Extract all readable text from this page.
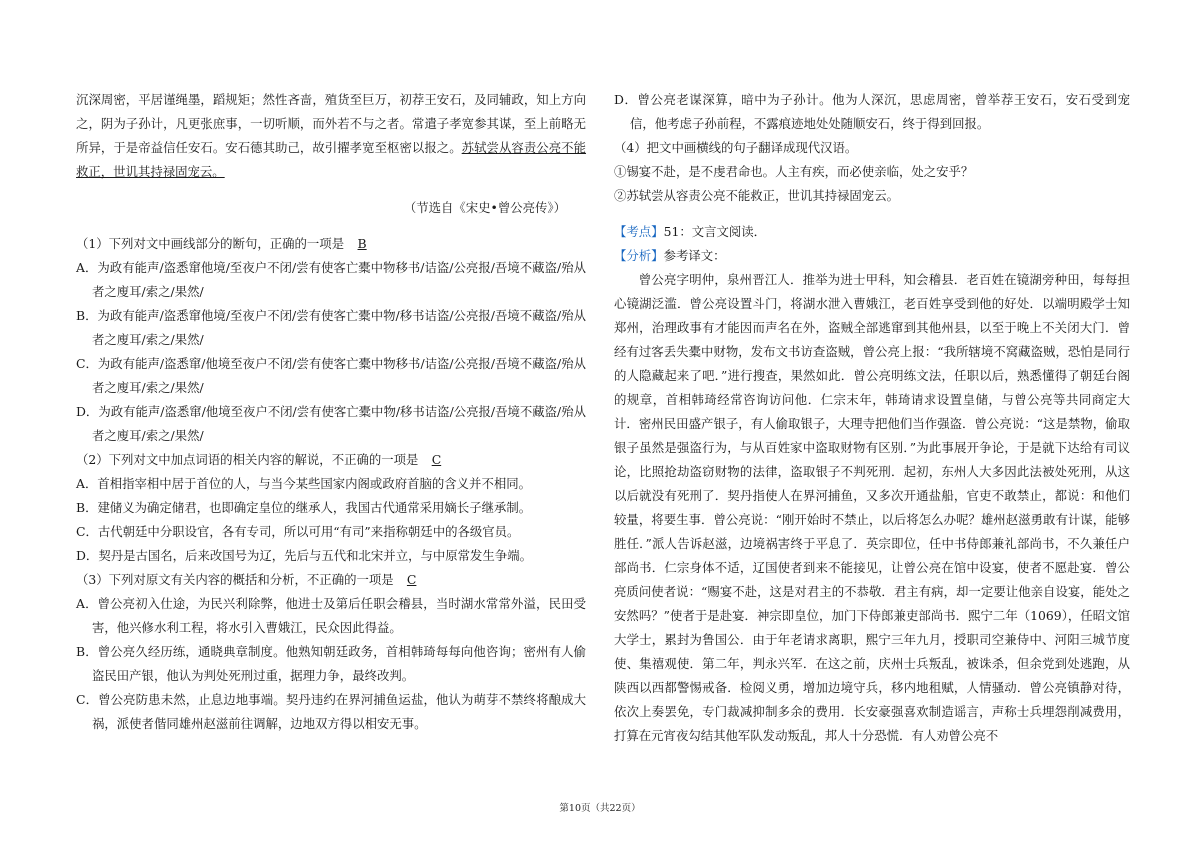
沉深周密，平居谨绳墨，蹈规矩；然性吝啬，殖货至巨万，初荐王安石，及同辅政，知上方向之，阴为子孙计，凡更张庶事，一切听顺，而外若不与之者。常遣子孝宽参其谋，至上前略无所异，于是帝益信任安石。安石德其助己，故引擢孝宽至枢密以报之。苏轼尝从容责公亮不能救正，世讥其持禄固宠云。

（节选自《宋史•曾公亮传》）

（1）下列对文中画线部分的断句，正确的一项是 B

A．为政有能声/盗悉窜他境/至夜户不闭/尝有使客亡橐中物移书/诘盗/公亮报/吾境不藏盗/殆从者之廋耳/索之/果然/

B．为政有能声/盗悉窜他境/至夜户不闭/尝有使客亡橐中物/移书诘盗/公亮报/吾境不藏盗/殆从者之廋耳/索之/果然/

C．为政有能声/盗悉窜/他境至夜户不闭/尝有使客亡橐中物移书/诘盗/公亮报/吾境不藏盗/殆从者之廋耳/索之/果然/

D．为政有能声/盗悉窜/他境至夜户不闭/尝有使客亡橐中物/移书诘盗/公亮报/吾境不藏盗/殆从者之廋耳/索之/果然/

（2）下列对文中加点词语的相关内容的解说，不正确的一项是 C

A．首相指宰相中居于首位的人，与当今某些国家内阁或政府首脑的含义并不相同。

B．建储义为确定储君，也即确定皇位的继承人，我国古代通常采用嫡长子继承制。

C．古代朝廷中分职设官，各有专司，所以可用“有司”来指称朝廷中的各级官员。

D．契丹是古国名，后来改国号为辽，先后与五代和北宋并立，与中原常发生争端。

（3）下列对原文有关内容的概括和分析，不正确的一项是 C

A．曾公亮初入仕途，为民兴利除弊，他进士及第后任职会稽县，当时湖水常常外溢，民田受害，他兴修水利工程，将水引入曹娥江，民众因此得益。

B．曾公亮久经历练，通晓典章制度。他熟知朝廷政务，首相韩琦每每向他咨询；密州有人偷盗民田产银，他认为判处死刑过重，据理力争，最终改判。

C．曾公亮防患未然，止息边地事端。契丹违约在界河捕鱼运盐，他认为萌芽不禁终将酿成大祸，派使者偕同雄州赵滋前往调解，边地双方得以相安无事。

D．曾公亮老谋深算，暗中为子孙计。他为人深沉，思虑周密，曾举荐王安石，安石受到宠信，他考虑子孙前程，不露痕迹地处处随顺安石，终于得到回报。

（4）把文中画横线的句子翻译成现代汉语。

①锡宴不赴，是不虔君命也。人主有疾，而必使亲临，处之安乎？

②苏轼尝从容责公亮不能救正，世讥其持禄固宠云。

【考点】51：文言文阅读．

【分析】参考译文：

曾公亮字明仲，泉州晋江人．推举为进士甲科，知会稽县．老百姓在镜湖旁种田，每每担心镜湖泛滥．曾公亮设置斗门，将湖水泄入曹娥江，老百姓享受到他的好处．以端明殿学士知郑州，治理政事有才能因而声名在外，盗贼全部逃窜到其他州县，以至于晚上不关闭大门．曾经有过客丢失橐中财物，发布文书访查盗贼，曾公亮上报：“我所辖境不窝藏盗贼，恐怕是同行的人隐藏起来了吧．”进行搜查，果然如此．曾公亮明练文法，任职以后，熟悉懂得了朝廷台阁的规章，首相韩琦经常咨询访问他．仁宗末年，韩琦请求设置皇储，与曾公亮等共同商定大计．密州民田盛产银子，有人偷取银子，大理寺把他们当作强盗．曾公亮说：“这是禁物，偷取银子虽然是强盗行为，与从百姓家中盗取财物有区别．”为此事展开争论，于是就下达给有司议论，比照抢劫盗窃财物的法律，盗取银子不判死刑．起初，东州人大多因此法被处死刑，从这以后就没有死刑了．契丹指使人在界河捕鱼，又多次开通盐船，官吏不敢禁止，都说：和他们较量，将要生事．曾公亮说：“刚开始时不禁止，以后将怎么办呢？雄州赵滋勇敢有计谋，能够胜任．”派人告诉赵滋，边境祸害终于平息了．英宗即位，任中书侍郎兼礼部尚书，不久兼任户部尚书．仁宗身体不适，辽国使者到来不能接见，让曾公亮在馆中设宴，使者不愿赴宴．曾公亮质问使者说：“赐宴不赴，这是对君主的不恭敬．君主有病，却一定要让他亲自设宴，能处之安然吗？”使者于是赴宴．神宗即皇位，加门下侍郎兼吏部尚书．熙宁二年（1069），任昭文馆大学士，累封为鲁国公．由于年老请求离职，熙宁三年九月，授职司空兼侍中、河阳三城节度使、集禧观使．第二年，判永兴军．在这之前，庆州士兵叛乱，被诛杀，但余党到处逃跑，从陕西以西都警惕戒备．检阅义勇，增加边境守兵，移内地租赋，人情骚动．曾公亮镇静对待，依次上奏罢免，专门裁减抑制多余的费用．长安豪强喜欢制造谣言，声称士兵埋怨削减费用，打算在元宵夜勾结其他军队发动叛乱，邦人十分恐慌．有人劝曾公亮不

第10页（共22页）
